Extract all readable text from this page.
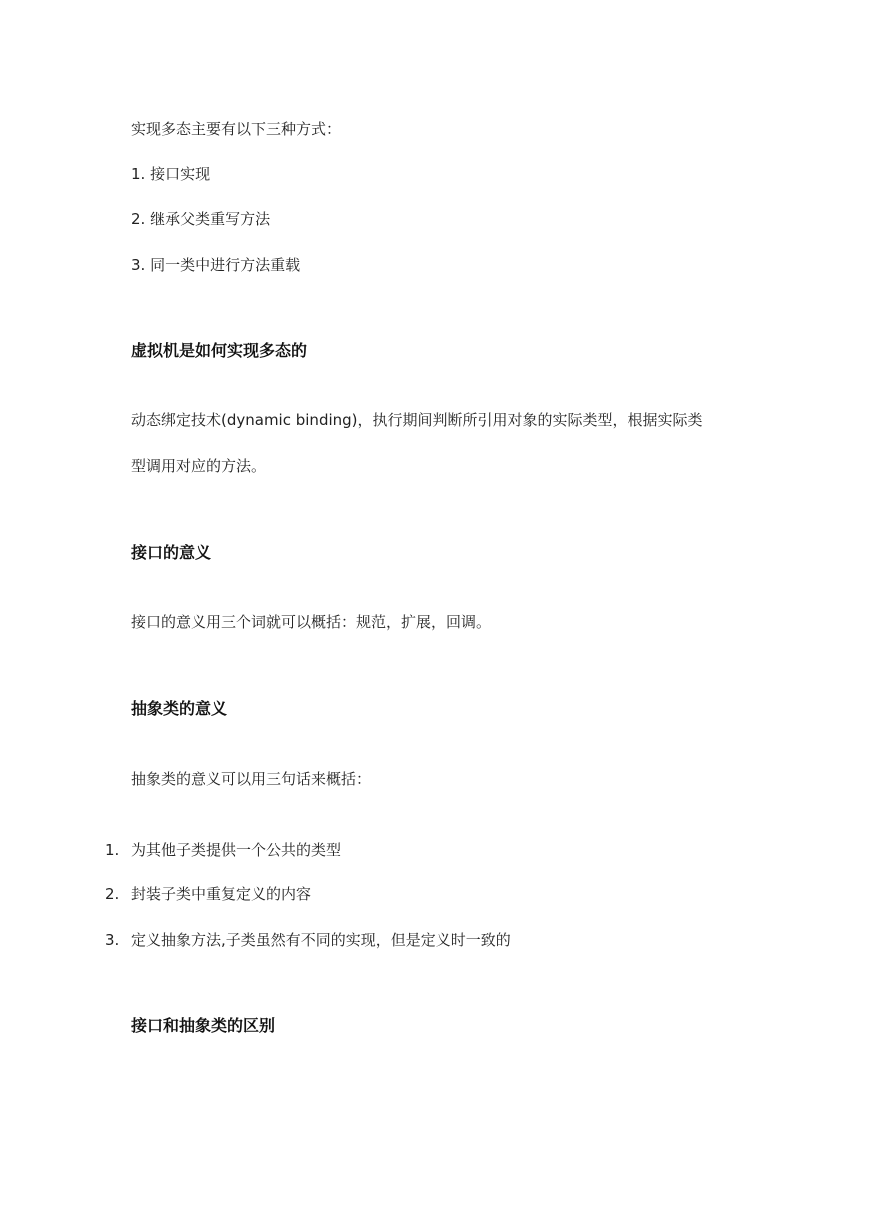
实现多态主要有以下三种方式：
1. 接口实现
2. 继承父类重写方法
3. 同一类中进行方法重载
虚拟机是如何实现多态的
动态绑定技术(dynamic binding)，执行期间判断所引用对象的实际类型，根据实际类
型调用对应的方法。
接口的意义
接口的意义用三个词就可以概括：规范，扩展，回调。
抽象类的意义
抽象类的意义可以用三句话来概括：
1. 为其他子类提供一个公共的类型
2. 封装子类中重复定义的内容
3. 定义抽象方法,子类虽然有不同的实现，但是定义时一致的
接口和抽象类的区别
